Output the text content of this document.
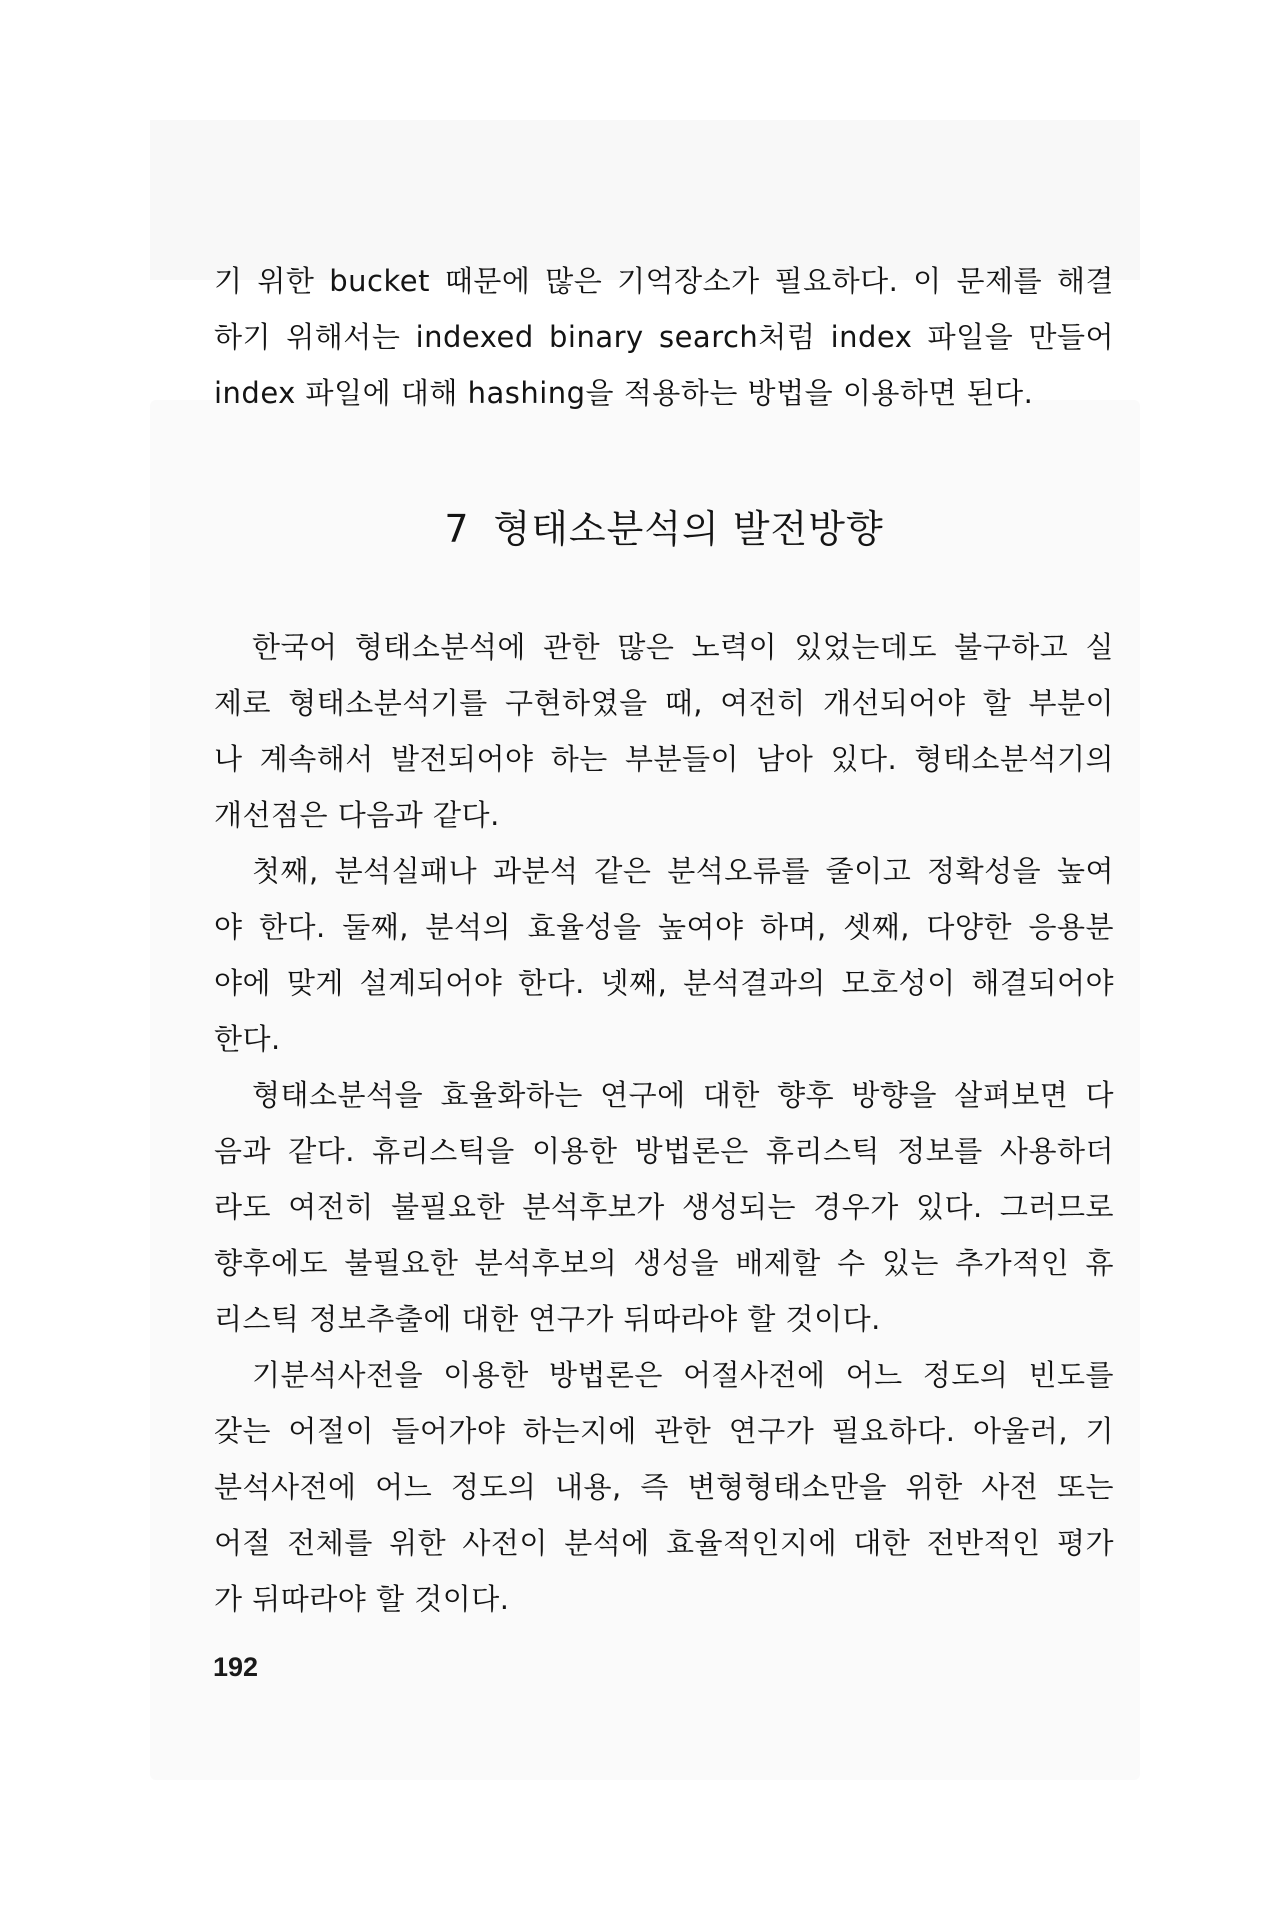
기 위한 bucket 때문에 많은 기억장소가 필요하다. 이 문제를 해결
하기 위해서는 indexed binary search처럼 index 파일을 만들어
index 파일에 대해 hashing을 적용하는 방법을 이용하면 된다.
7 형태소분석의 발전방향
한국어 형태소분석에 관한 많은 노력이 있었는데도 불구하고 실
제로 형태소분석기를 구현하였을 때, 여전히 개선되어야 할 부분이
나 계속해서 발전되어야 하는 부분들이 남아 있다. 형태소분석기의
개선점은 다음과 같다.
첫째, 분석실패나 과분석 같은 분석오류를 줄이고 정확성을 높여
야 한다. 둘째, 분석의 효율성을 높여야 하며, 셋째, 다양한 응용분
야에 맞게 설계되어야 한다. 넷째, 분석결과의 모호성이 해결되어야
한다.
형태소분석을 효율화하는 연구에 대한 향후 방향을 살펴보면 다
음과 같다. 휴리스틱을 이용한 방법론은 휴리스틱 정보를 사용하더
라도 여전히 불필요한 분석후보가 생성되는 경우가 있다. 그러므로
향후에도 불필요한 분석후보의 생성을 배제할 수 있는 추가적인 휴
리스틱 정보추출에 대한 연구가 뒤따라야 할 것이다.
기분석사전을 이용한 방법론은 어절사전에 어느 정도의 빈도를
갖는 어절이 들어가야 하는지에 관한 연구가 필요하다. 아울러, 기
분석사전에 어느 정도의 내용, 즉 변형형태소만을 위한 사전 또는
어절 전체를 위한 사전이 분석에 효율적인지에 대한 전반적인 평가
가 뒤따라야 할 것이다.
192
